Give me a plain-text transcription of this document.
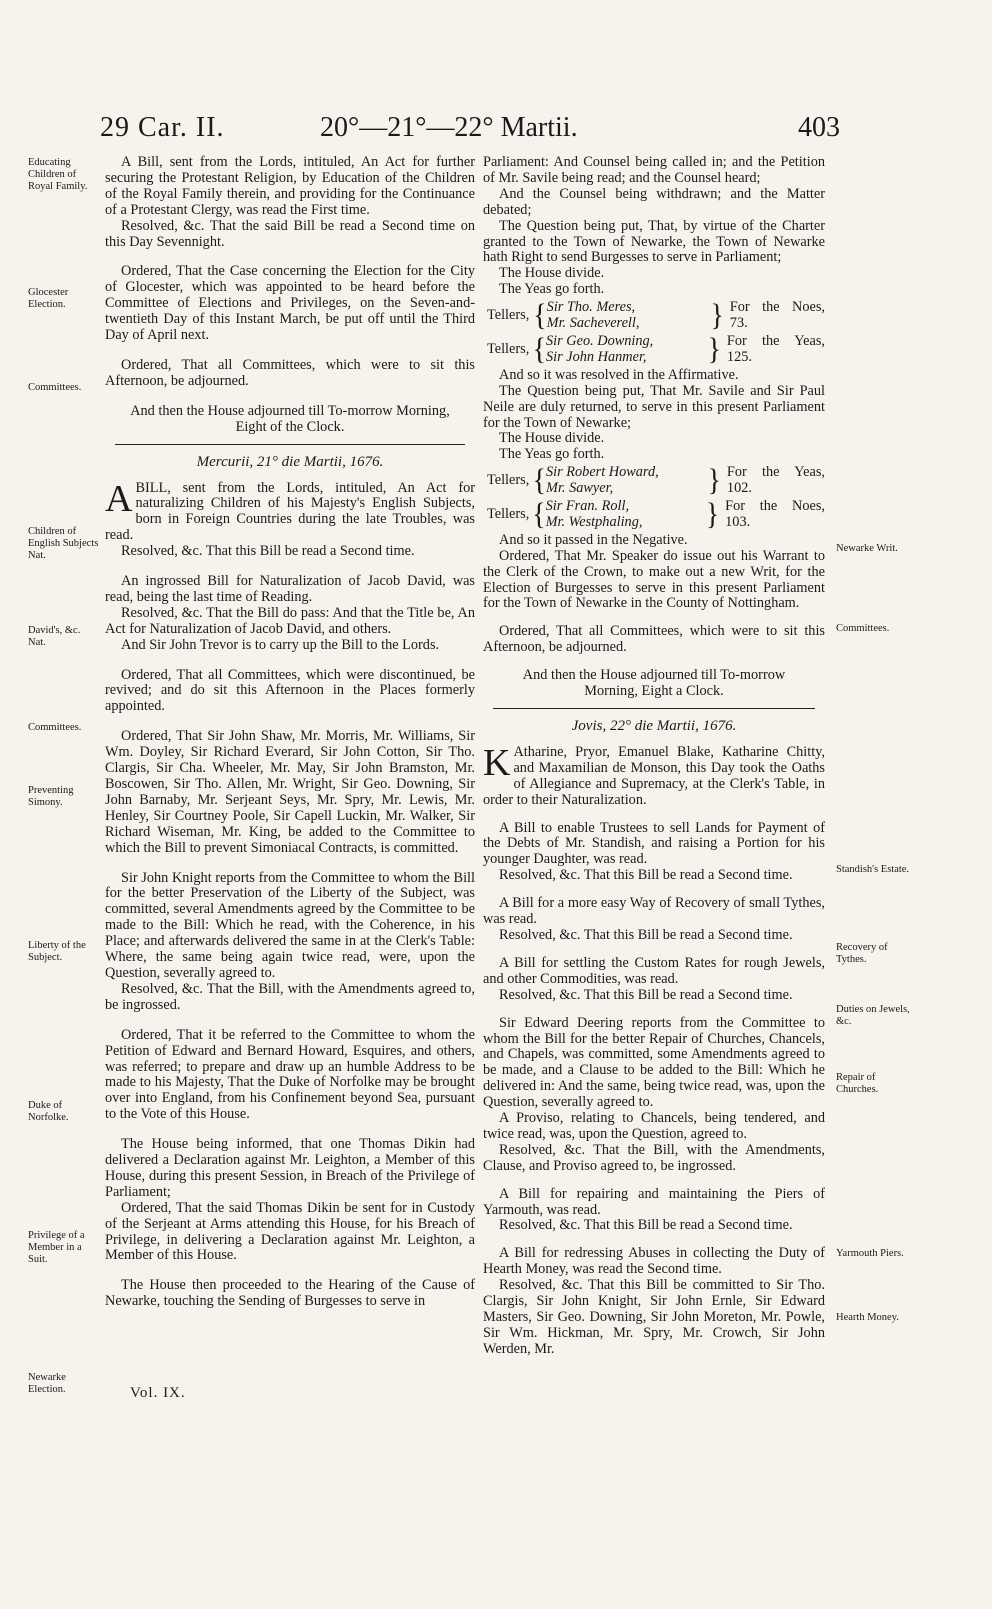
29 Car. II.	20°—21°—22° Martii.	403
Educating Children of Royal Family.
Glocester Election.
Committees.
Children of English Subjects Nat.
David's, &c. Nat.
Committees.
Preventing Simony.
Liberty of the Subject.
Duke of Norfolke.
Privilege of a Member in a Suit.
Newarke Election.
Newarke Writ.
Committees.
Standish's Estate.
Recovery of Tythes.
Duties on Jewels, &c.
Repair of Churches.
Yarmouth Piers.
Hearth Money.

A Bill, sent from the Lords, intituled, An Act for further securing the Protestant Religion, by Education of the Children of the Royal Family therein, and providing for the Continuance of a Protestant Clergy, was read the First time.

Resolved, &c. That the said Bill be read a Second time on this Day Sevennight.

Ordered, That the Case concerning the Election for the City of Glocester, which was appointed to be heard before the Committee of Elections and Privileges, on the Seven-and-twentieth Day of this Instant March, be put off until the Third Day of April next.

Ordered, That all Committees, which were to sit this Afternoon, be adjourned.

And then the House adjourned till To-morrow Morning, Eight of the Clock.

Mercurii, 21° die Martii, 1676.

ABILL, sent from the Lords, intituled, An Act for naturalizing Children of his Majesty's English Subjects, born in Foreign Countries during the late Troubles, was read.

Resolved, &c. That this Bill be read a Second time.

An ingrossed Bill for Naturalization of Jacob David, was read, being the last time of Reading.

Resolved, &c. That the Bill do pass: And that the Title be, An Act for Naturalization of Jacob David, and others.

And Sir John Trevor is to carry up the Bill to the Lords.

Ordered, That all Committees, which were discontinued, be revived; and do sit this Afternoon in the Places formerly appointed.

Ordered, That Sir John Shaw, Mr. Morris, Mr. Williams, Sir Wm. Doyley, Sir Richard Everard, Sir John Cotton, Sir Tho. Clargis, Sir Cha. Wheeler, Mr. May, Sir John Bramston, Mr. Boscowen, Sir Tho. Allen, Mr. Wright, Sir Geo. Downing, Sir John Barnaby, Mr. Serjeant Seys, Mr. Spry, Mr. Lewis, Mr. Henley, Sir Courtney Poole, Sir Capell Luckin, Mr. Walker, Sir Richard Wiseman, Mr. King, be added to the Committee to which the Bill to prevent Simoniacal Contracts, is committed.

Sir John Knight reports from the Committee to whom the Bill for the better Preservation of the Liberty of the Subject, was committed, several Amendments agreed by the Committee to be made to the Bill: Which he read, with the Coherence, in his Place; and afterwards delivered the same in at the Clerk's Table: Where, the same being again twice read, were, upon the Question, severally agreed to.

Resolved, &c. That the Bill, with the Amendments agreed to, be ingrossed.

Ordered, That it be referred to the Committee to whom the Petition of Edward and Bernard Howard, Esquires, and others, was referred; to prepare and draw up an humble Address to be made to his Majesty, That the Duke of Norfolke may be brought over into England, from his Confinement beyond Sea, pursuant to the Vote of this House.

The House being informed, that one Thomas Dikin had delivered a Declaration against Mr. Leighton, a Member of this House, during this present Session, in Breach of the Privilege of Parliament;

Ordered, That the said Thomas Dikin be sent for in Custody of the Serjeant at Arms attending this House, for his Breach of Privilege, in delivering a Declaration against Mr. Leighton, a Member of this House.

The House then proceeded to the Hearing of the Cause of Newarke, touching the Sending of Burgesses to serve in

Vol. IX.

Parliament: And Counsel being called in; and the Petition of Mr. Savile being read; and the Counsel heard;

And the Counsel being withdrawn; and the Matter debated;

The Question being put, That, by virtue of the Charter granted to the Town of Newarke, the Town of Newarke hath Right to send Burgesses to serve in Parliament;

The House divide.

The Yeas go forth.

Tellers, { Sir Tho. Meres,
Mr. Sacheverell,	} For the Noes, 73.
Tellers, { Sir Geo. Downing,
Sir John Hanmer,	} For the Yeas, 125.

And so it was resolved in the Affirmative.

The Question being put, That Mr. Savile and Sir Paul Neile are duly returned, to serve in this present Parliament for the Town of Newarke;

The House divide.

The Yeas go forth.

Tellers, { Sir Robert Howard,
Mr. Sawyer,	} For the Yeas, 102.
Tellers, { Sir Fran. Roll,
Mr. Westphaling,	} For the Noes, 103.

And so it passed in the Negative.

Ordered, That Mr. Speaker do issue out his Warrant to the Clerk of the Crown, to make out a new Writ, for the Election of Burgesses to serve in this present Parliament for the Town of Newarke in the County of Nottingham.

Ordered, That all Committees, which were to sit this Afternoon, be adjourned.

And then the House adjourned till To-morrow Morning, Eight a Clock.

Jovis, 22° die Martii, 1676.

K Atharine, Pryor, Emanuel Blake, Katharine Chitty, and Maxamilian de Monson, this Day took the Oaths of Allegiance and Supremacy, at the Clerk's Table, in order to their Naturalization.

A Bill to enable Trustees to sell Lands for Payment of the Debts of Mr. Standish, and raising a Portion for his younger Daughter, was read.

Resolved, &c. That this Bill be read a Second time.

A Bill for a more easy Way of Recovery of small Tythes, was read.

Resolved, &c. That this Bill be read a Second time.

A Bill for settling the Custom Rates for rough Jewels, and other Commodities, was read.

Resolved, &c. That this Bill be read a Second time.

Sir Edward Deering reports from the Committee to whom the Bill for the better Repair of Churches, Chancels, and Chapels, was committed, some Amendments agreed to be made, and a Clause to be added to the Bill: Which he delivered in: And the same, being twice read, was, upon the Question, severally agreed to.

A Proviso, relating to Chancels, being tendered, and twice read, was, upon the Question, agreed to.

Resolved, &c. That the Bill, with the Amendments, Clause, and Proviso agreed to, be ingrossed.

A Bill for repairing and maintaining the Piers of Yarmouth, was read.

Resolved, &c. That this Bill be read a Second time.

A Bill for redressing Abuses in collecting the Duty of Hearth Money, was read the Second time.

Resolved, &c. That this Bill be committed to Sir Tho. Clargis, Sir John Knight, Sir John Ernle, Sir Edward Masters, Sir Geo. Downing, Sir John Moreton, Mr. Powle, Sir Wm. Hickman, Mr. Spry, Mr. Crowch, Sir John Werden, Mr.
